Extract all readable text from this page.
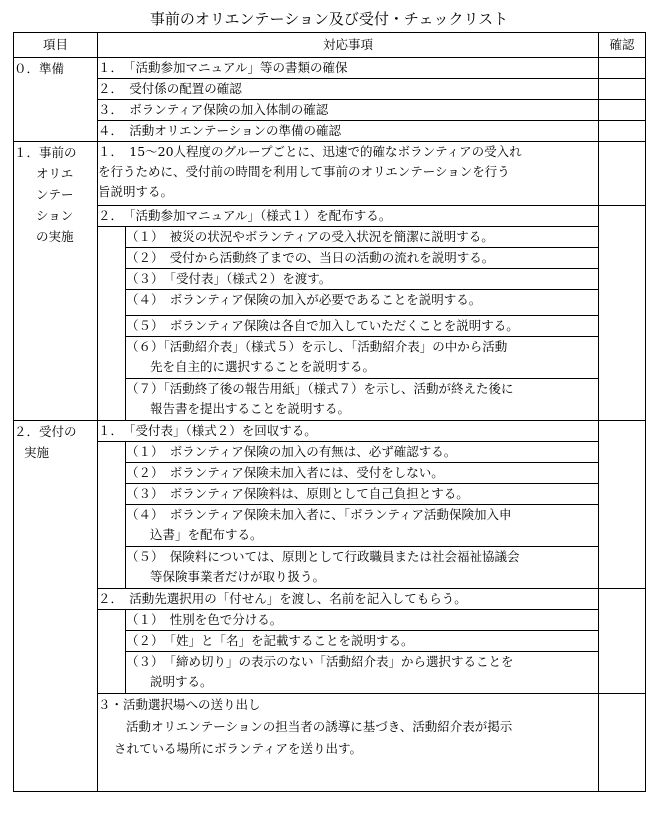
事前のオリエンテーション及び受付・チェックリスト
項目	対応事項		確認

０．準備	１．　「活動参加マニュアル」等の書類の確保		
	２．　受付係の配置の確認		
	３．　ボランティア保険の加入体制の確認		
	４．　活動オリエンテーションの準備の確認		

１．事前の
オリエ
ンテー
ション
の実施	１．　15～20人程度のグループごとに、迅速で的確なボランティアの受入れ
を行うために、受付前の時間を利用して事前のオリエンテーションを行う
旨説明する。		

	２．　「活動参加マニュアル」（様式１）を配布する。		
		（１）　被災の状況やボランティアの受入状況を簡潔に説明する。	
		（２）　受付から活動終了までの、当日の活動の流れを説明する。	
		（３）　「受付表」（様式２）を渡す。	
		（４）　ボランティア保険の加入が必要であることを説明する。	
		（５）　ボランティア保険は各自で加入していただくことを説明する。	

		（６）「活動紹介表」（様式５）を示し、「活動紹介表」の中から活動
先を自主的に選択することを説明する。	

		（７）「活動終了後の報告用紙」（様式７）を示し、活動が終えた後に
報告書を提出することを説明する。	

２．受付の
実施	１．　「受付表」（様式２）を回収する。		
		（１）　ボランティア保険の加入の有無は、必ず確認する。	
		（２）　ボランティア保険未加入者には、受付をしない。	
		（３）　ボランティア保険料は、原則として自己負担とする。	

		（４）　ボランティア保険未加入者に、「ボランティア活動保険加入申
込書」を配布する。	

		（５）　保険料については、原則として行政職員または社会福祉協議会
等保険事業者だけが取り扱う。	

	２．　活動先選択用の「付せん」を渡し、名前を記入してもらう。		
		（１）　性別を色で分ける。	
		（２）　「姓」と「名」を記載することを説明する。	

		（３）　「締め切り」の表示のない「活動紹介表」から選択することを
説明する。	

	３・活動選択場への送り出し
活動オリエンテーションの担当者の誘導に基づき、活動紹介表が掲示
されている場所にボランティアを送り出す。		
